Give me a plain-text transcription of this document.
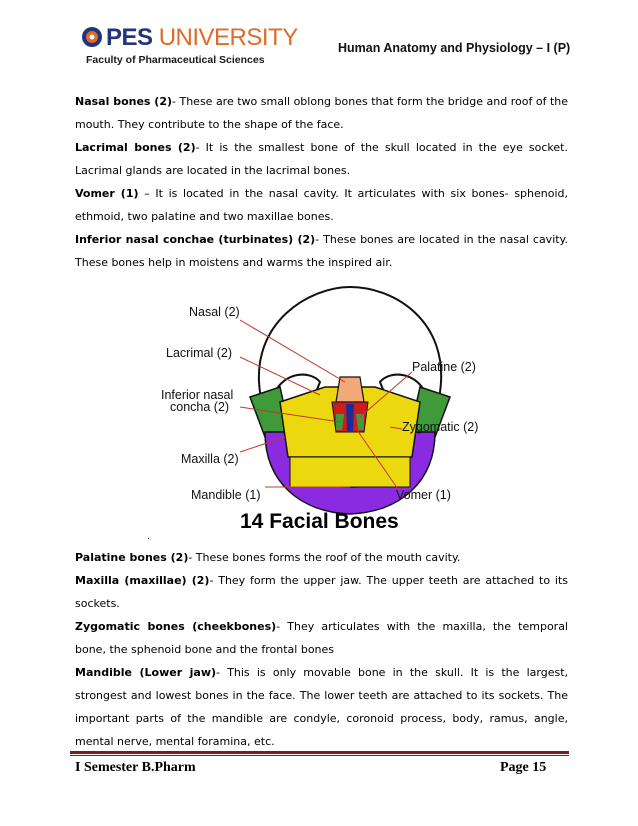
PES UNIVERSITY
Faculty of Pharmaceutical Sciences
Human Anatomy and Physiology – I (P)

Nasal bones (2)- These are two small oblong bones that form the bridge and roof of the mouth. They contribute to the shape of the face.

Lacrimal bones (2)- It is the smallest bone of the skull located in the eye socket. Lacrimal glands are located in the lacrimal bones.

Vomer (1) – It is located in the nasal cavity. It articulates with six bones- sphenoid, ethmoid, two palatine and two maxillae bones.

Inferior nasal conchae (turbinates) (2)- These bones are located in the nasal cavity. These bones help in moistens and warms the inspired air.

Nasal (2)
Lacrimal (2)
Inferior nasal
concha (2)
Maxilla (2)
Mandible (1)
Palatine (2)
Zygomatic (2)
Vomer (1)
.
14 Facial Bones

Palatine bones (2)- These bones forms the roof of the mouth cavity.

Maxilla (maxillae) (2)- They form the upper jaw. The upper teeth are attached to its sockets.

Zygomatic bones (cheekbones)- They articulates with the maxilla, the temporal bone, the sphenoid bone and the frontal bones

Mandible (Lower jaw)- This is only movable bone in the skull. It is the largest, strongest and lowest bones in the face. The lower teeth are attached to its sockets. The important parts of the mandible are condyle, coronoid process, body, ramus, angle, mental nerve, mental foramina, etc.

I Semester B.Pharm	Page 15
